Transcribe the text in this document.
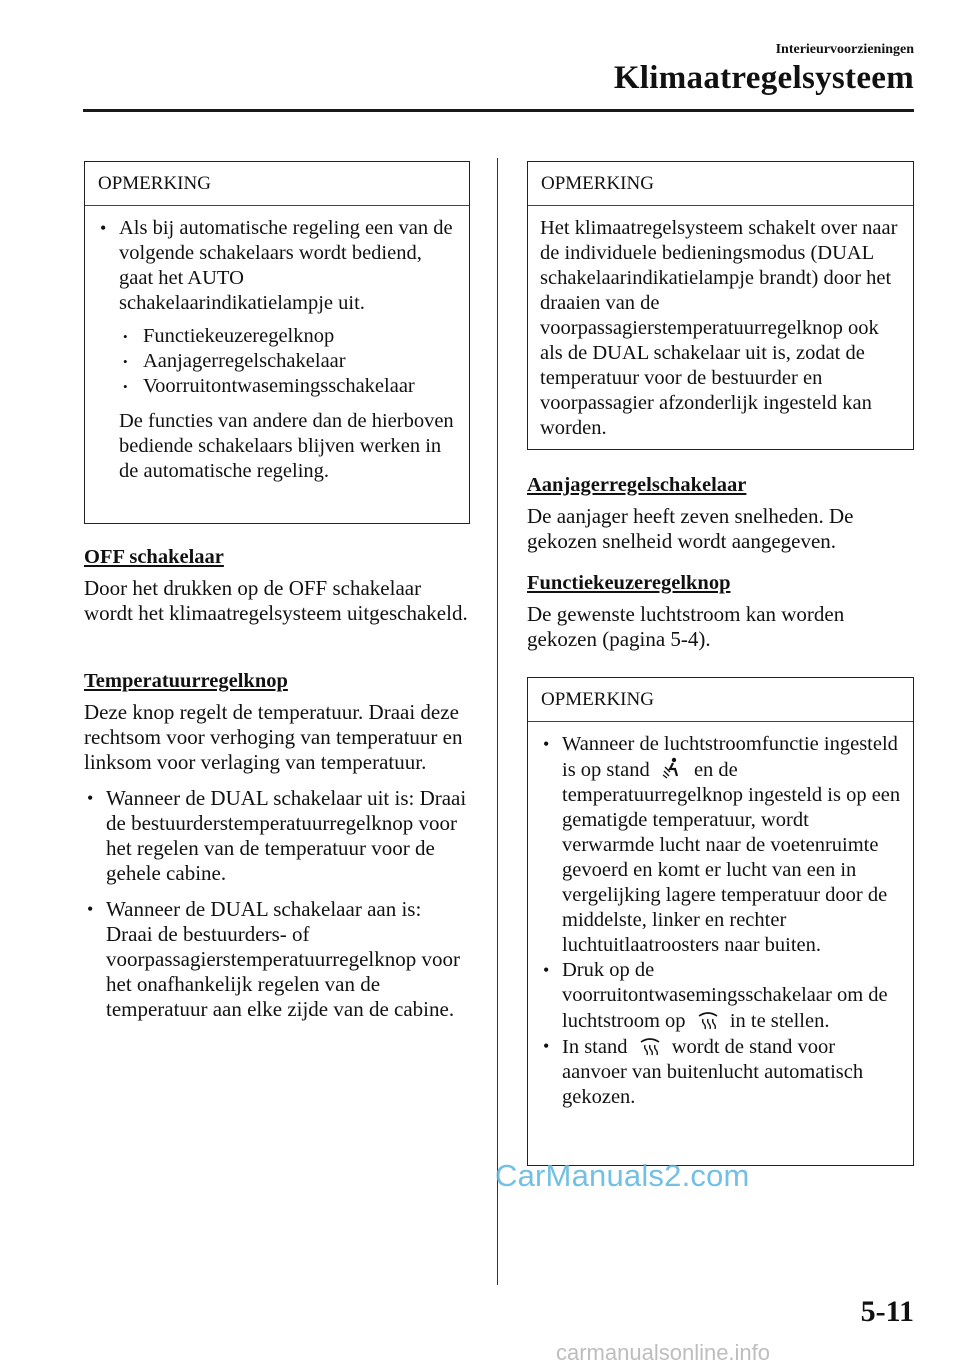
Interieurvoorzieningen
Klimaatregelsysteem
OPMERKING

• Als bij automatische regeling een van de volgende schakelaars wordt bediend, gaat het AUTO schakelaarindikatielampje uit.

• Functiekeuzeregelknop

• Aanjagerregelschakelaar

• Voorruitontwasemingsschakelaar

De functies van andere dan de hierboven bediende schakelaars blijven werken in de automatische regeling.

OFF schakelaar

Door het drukken op de OFF schakelaar wordt het klimaatregelsysteem uitgeschakeld.

Temperatuurregelknop

Deze knop regelt de temperatuur. Draai deze rechtsom voor verhoging van temperatuur en linksom voor verlaging van temperatuur.

• Wanneer de DUAL schakelaar uit is: Draai de bestuurderstemperatuurregelknop voor het regelen van de temperatuur voor de gehele cabine.

• Wanneer de DUAL schakelaar aan is: Draai de bestuurders- of voorpassagierstemperatuurregelknop voor het onafhankelijk regelen van de temperatuur aan elke zijde van de cabine.

OPMERKING

Het klimaatregelsysteem schakelt over naar de individuele bedieningsmodus (DUAL schakelaarindikatielampje brandt) door het draaien van de voorpassagierstemperatuurregelknop ook als de DUAL schakelaar uit is, zodat de temperatuur voor de bestuurder en voorpassagier afzonderlijk ingesteld kan worden.

Aanjagerregelschakelaar

De aanjager heeft zeven snelheden. De gekozen snelheid wordt aangegeven.

Functiekeuzeregelknop

De gewenste luchtstroom kan worden gekozen (pagina 5-4).

OPMERKING

• Wanneer de luchtstroomfunctie ingesteld is op stand en de temperatuurregelknop ingesteld is op een gematigde temperatuur, wordt verwarmde lucht naar de voetenruimte gevoerd en komt er lucht van een in vergelijking lagere temperatuur door de middelste, linker en rechter luchtuitlaatroosters naar buiten.

• Druk op de voorruitontwasemingsschakelaar om de luchtstroom op in te stellen.

• In stand wordt de stand voor aanvoer van buitenlucht automatisch gekozen.

CarManuals2.com
5-11
carmanualsonline.info
